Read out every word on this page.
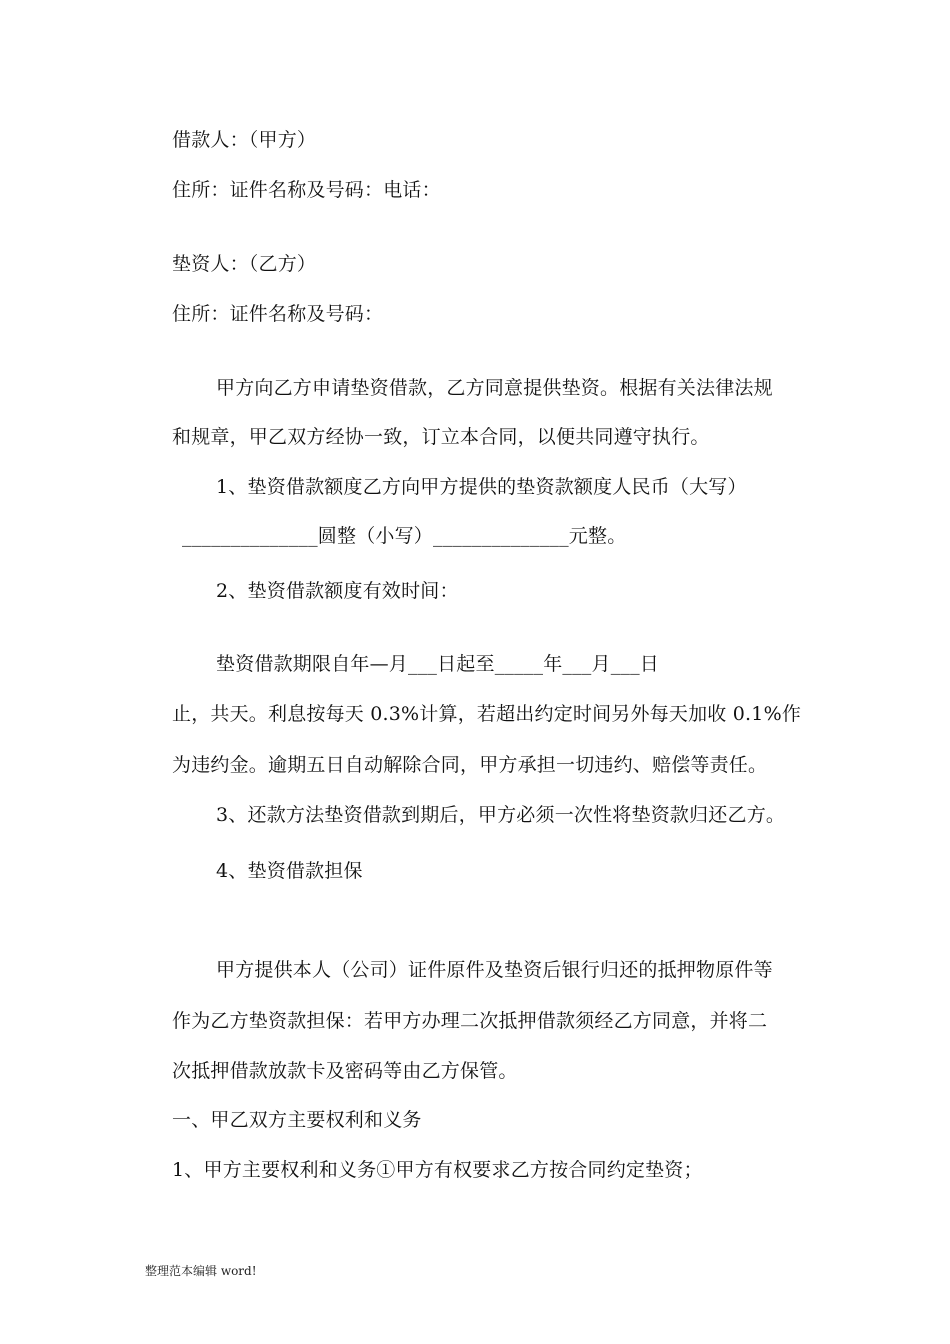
借款人：（甲方）
住所：证件名称及号码：电话：
垫资人：（乙方）
住所：证件名称及号码：
甲方向乙方申请垫资借款，乙方同意提供垫资。根据有关法律法规
和规章，甲乙双方经协一致，订立本合同，以便共同遵守执行。
1、垫资借款额度乙方向甲方提供的垫资款额度人民币（大写）
______________圆整（小写）______________元整。
2、垫资借款额度有效时间：
垫资借款期限自年—月___日起至_____年___月___日
止，共天。利息按每天 0.3%计算，若超出约定时间另外每天加收 0.1%作
为违约金。逾期五日自动解除合同，甲方承担一切违约、赔偿等责任。
3、还款方法垫资借款到期后，甲方必须一次性将垫资款归还乙方。
4、垫资借款担保
甲方提供本人（公司）证件原件及垫资后银行归还的抵押物原件等
作为乙方垫资款担保：若甲方办理二次抵押借款须经乙方同意，并将二
次抵押借款放款卡及密码等由乙方保管。
一、甲乙双方主要权利和义务
1、甲方主要权利和义务①甲方有权要求乙方按合同约定垫资；
整理范本编辑 word!
